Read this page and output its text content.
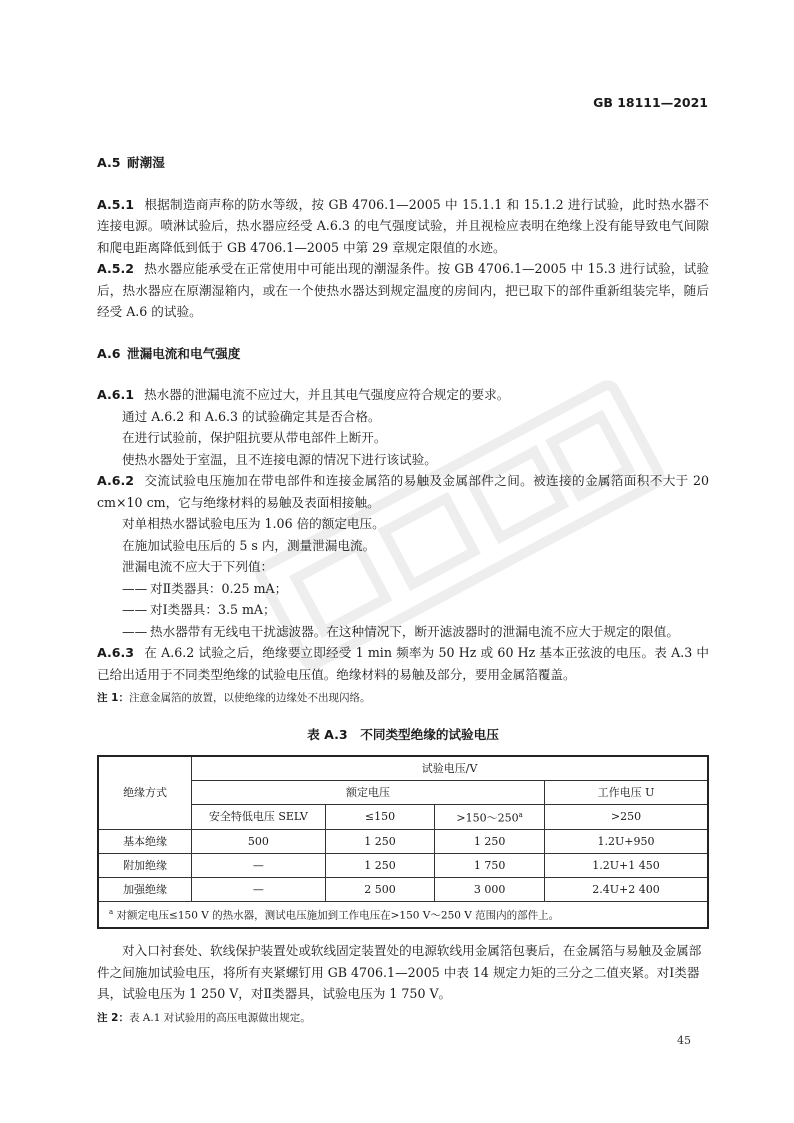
GB 18111—2021

A.5 耐潮湿

A.5.1 根据制造商声称的防水等级，按 GB 4706.1—2005 中 15.1.1 和 15.1.2 进行试验，此时热水器不连接电源。喷淋试验后，热水器应经受 A.6.3 的电气强度试验，并且视检应表明在绝缘上没有能导致电气间隙和爬电距离降低到低于 GB 4706.1—2005 中第 29 章规定限值的水迹。

A.5.2 热水器应能承受在正常使用中可能出现的潮湿条件。按 GB 4706.1—2005 中 15.3 进行试验，试验后，热水器应在原潮湿箱内，或在一个使热水器达到规定温度的房间内，把已取下的部件重新组装完毕，随后经受 A.6 的试验。

A.6 泄漏电流和电气强度

A.6.1 热水器的泄漏电流不应过大，并且其电气强度应符合规定的要求。

通过 A.6.2 和 A.6.3 的试验确定其是否合格。

在进行试验前，保护阻抗要从带电部件上断开。

使热水器处于室温，且不连接电源的情况下进行该试验。

A.6.2 交流试验电压施加在带电部件和连接金属箔的易触及金属部件之间。被连接的金属箔面积不大于 20 cm×10 cm，它与绝缘材料的易触及表面相接触。

对单相热水器试验电压为 1.06 倍的额定电压。

在施加试验电压后的 5 s 内，测量泄漏电流。

泄漏电流不应大于下列值：

—— 对Ⅱ类器具：0.25 mA；

—— 对Ⅰ类器具：3.5 mA；

—— 热水器带有无线电干扰滤波器。在这种情况下，断开滤波器时的泄漏电流不应大于规定的限值。

A.6.3 在 A.6.2 试验之后，绝缘要立即经受 1 min 频率为 50 Hz 或 60 Hz 基本正弦波的电压。表 A.3 中已给出适用于不同类型绝缘的试验电压值。绝缘材料的易触及部分，要用金属箔覆盖。

注 1：注意金属箔的放置，以使绝缘的边缘处不出现闪络。

表 A.3　不同类型绝缘的试验电压

绝缘方式	试验电压/V			
	额定电压			工作电压 U
	安全特低电压 SELV	≤150	$>150\sim 250^a$	>250
基本绝缘	500	1 250	1 250	1.2U+950
附加绝缘	—	1 250	1 750	1.2U+1 450
加强绝缘	—	2 500	3 000	2.4U+2 400
$^a$ 对额定电压≤150 V 的热水器，测试电压施加到工作电压在>150 V～250 V 范围内的部件上。				

对入口衬套处、软线保护装置处或软线固定装置处的电源软线用金属箔包裹后，在金属箔与易触及金属部件之间施加试验电压，将所有夹紧螺钉用 GB 4706.1—2005 中表 14 规定力矩的三分之二值夹紧。对Ⅰ类器具，试验电压为 1 250 V，对Ⅱ类器具，试验电压为 1 750 V。

注 2：表 A.1 对试验用的高压电源做出规定。

45
